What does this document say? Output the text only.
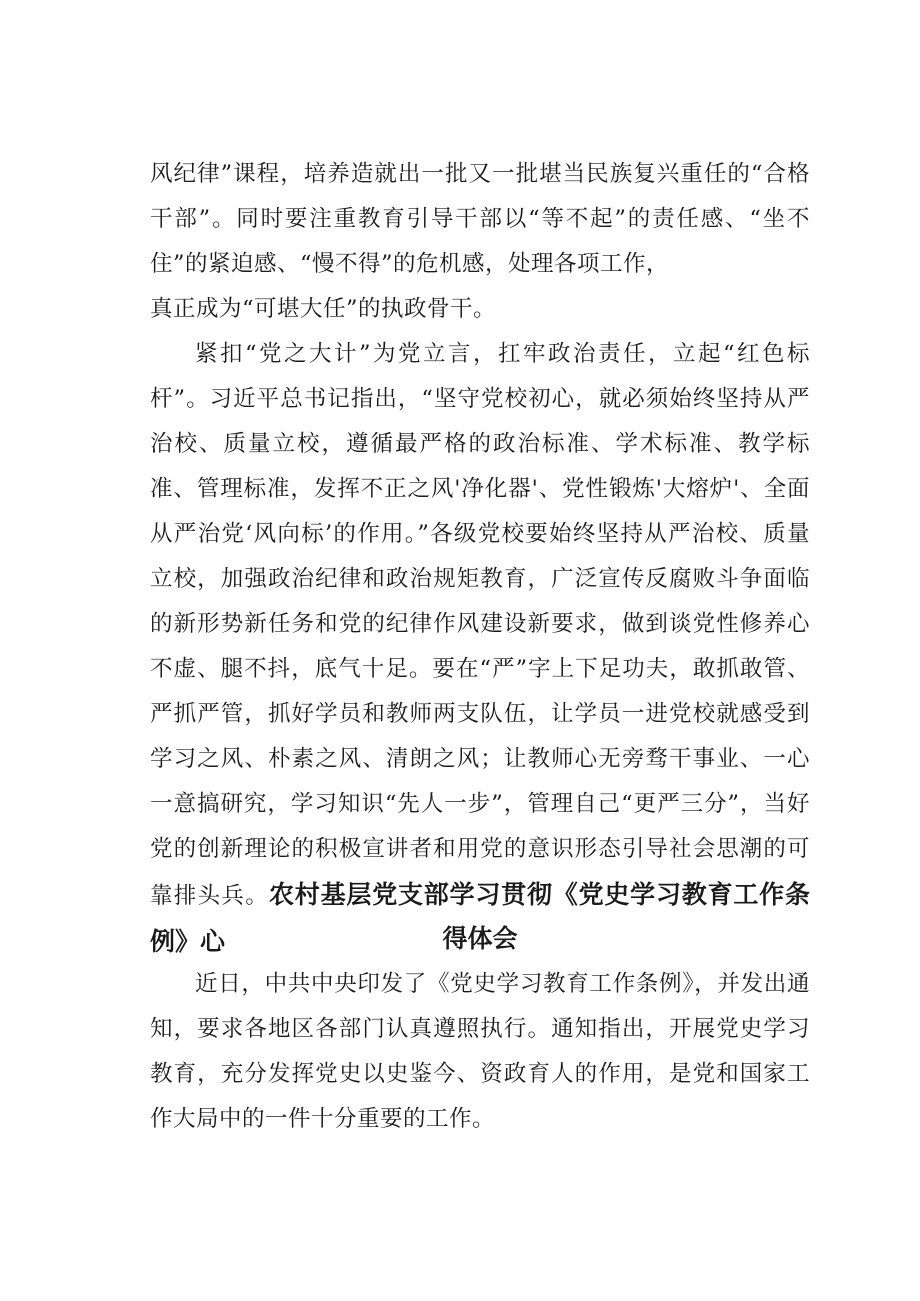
风纪律”课程，培养造就出一批又一批堪当民族复兴重任的“合格干部”。同时要注重教育引导干部以“等不起”的责任感、“坐不住”的紧迫感、“慢不得”的危机感，处理各项工作，
真正成为“可堪大任”的执政骨干。

紧扣“党之大计”为党立言，扛牢政治责任，立起“红色标杆”。习近平总书记指出，“坚守党校初心，就必须始终坚持从严治校、质量立校，遵循最严格的政治标准、学术标准、教学标准、管理标准，发挥不正之风'净化器'、党性锻炼'大熔炉'、全面从严治党‘风向标’的作用。”各级党校要始终坚持从严治校、质量立校，加强政治纪律和政治规矩教育，广泛宣传反腐败斗争面临的新形势新任务和党的纪律作风建设新要求，做到谈党性修养心不虚、腿不抖，底气十足。要在“严”字上下足功夫，敢抓敢管、严抓严管，抓好学员和教师两支队伍，让学员一进党校就感受到学习之风、朴素之风、清朗之风；让教师心无旁骛干事业、一心一意搞研究，学习知识“先人一步”，管理自己“更严三分”，当好党的创新理论的积极宣讲者和用党的意识形态引导社会思潮的可靠排头兵。农村基层党支部学习贯彻《党史学习教育工作条例》心	得体会

近日，中共中央印发了《党史学习教育工作条例》，并发出通知，要求各地区各部门认真遵照执行。通知指出，开展党史学习教育，充分发挥党史以史鉴今、资政育人的作用，是党和国家工作大局中的一件十分重要的工作。
